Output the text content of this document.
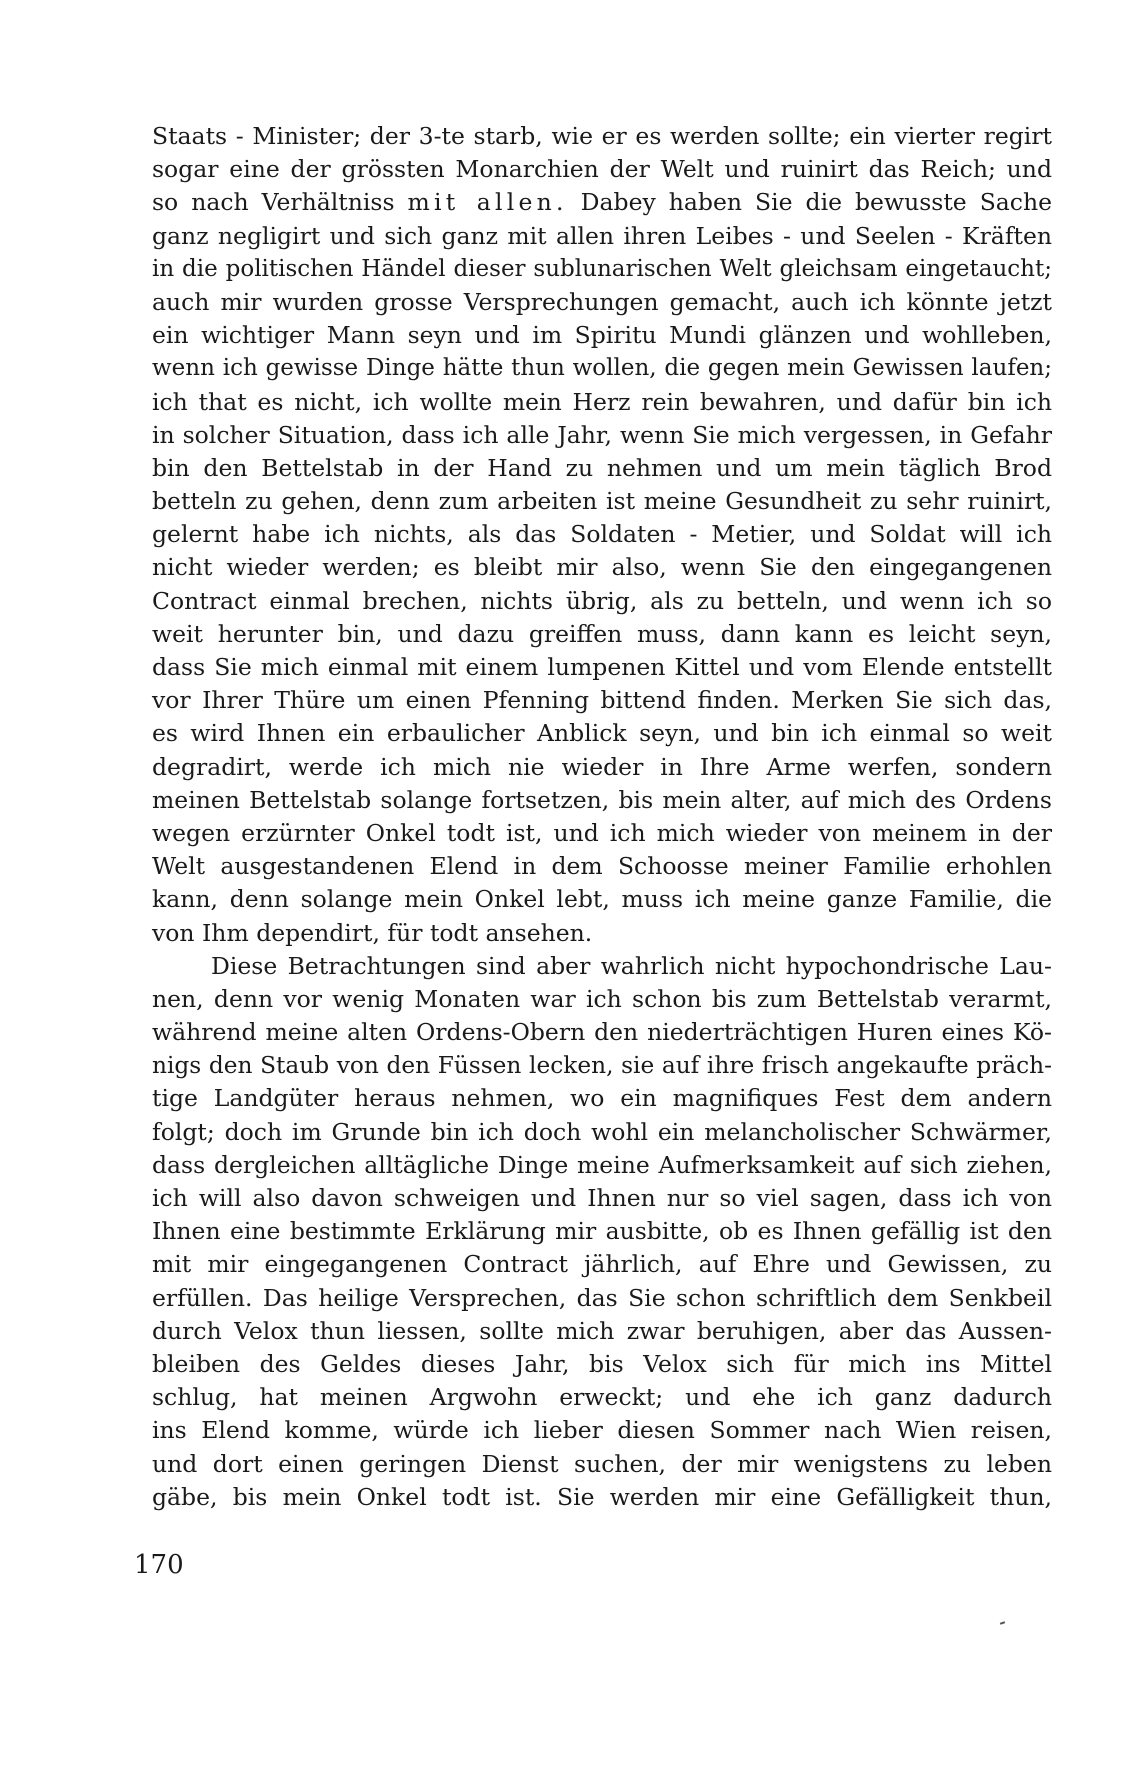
Staats - Minister; der 3-te starb, wie er es werden sollte; ein vierter regirt
sogar eine der grössten Monarchien der Welt und ruinirt das Reich; und
so nach Verhältniss mit allen. Dabey haben Sie die bewusste Sache
ganz negligirt und sich ganz mit allen ihren Leibes - und Seelen - Kräften
in die politischen Händel dieser sublunarischen Welt gleichsam eingetaucht;
auch mir wurden grosse Versprechungen gemacht, auch ich könnte jetzt
ein wichtiger Mann seyn und im Spiritu Mundi glänzen und wohlleben,
wenn ich gewisse Dinge hätte thun wollen, die gegen mein Gewissen laufen;
ich that es nicht, ich wollte mein Herz rein bewahren, und dafür bin ich
in solcher Situation, dass ich alle Jahr, wenn Sie mich vergessen, in Gefahr
bin den Bettelstab in der Hand zu nehmen und um mein täglich Brod
betteln zu gehen, denn zum arbeiten ist meine Gesundheit zu sehr ruinirt,
gelernt habe ich nichts, als das Soldaten - Metier, und Soldat will ich
nicht wieder werden; es bleibt mir also, wenn Sie den eingegangenen
Contract einmal brechen, nichts übrig, als zu betteln, und wenn ich so
weit herunter bin, und dazu greiffen muss, dann kann es leicht seyn,
dass Sie mich einmal mit einem lumpenen Kittel und vom Elende entstellt
vor Ihrer Thüre um einen Pfenning bittend finden. Merken Sie sich das,
es wird Ihnen ein erbaulicher Anblick seyn, und bin ich einmal so weit
degradirt, werde ich mich nie wieder in Ihre Arme werfen, sondern
meinen Bettelstab solange fortsetzen, bis mein alter, auf mich des Ordens
wegen erzürnter Onkel todt ist, und ich mich wieder von meinem in der
Welt ausgestandenen Elend in dem Schoosse meiner Familie erhohlen
kann, denn solange mein Onkel lebt, muss ich meine ganze Familie, die
von Ihm dependirt, für todt ansehen.
Diese Betrachtungen sind aber wahrlich nicht hypochondrische Lau-
nen, denn vor wenig Monaten war ich schon bis zum Bettelstab verarmt,
während meine alten Ordens-Obern den niederträchtigen Huren eines Kö-
nigs den Staub von den Füssen lecken, sie auf ihre frisch angekaufte präch-
tige Landgüter heraus nehmen, wo ein magnifiques Fest dem andern
folgt; doch im Grunde bin ich doch wohl ein melancholischer Schwärmer,
dass dergleichen alltägliche Dinge meine Aufmerksamkeit auf sich ziehen,
ich will also davon schweigen und Ihnen nur so viel sagen, dass ich von
Ihnen eine bestimmte Erklärung mir ausbitte, ob es Ihnen gefällig ist den
mit mir eingegangenen Contract jährlich, auf Ehre und Gewissen, zu
erfüllen. Das heilige Versprechen, das Sie schon schriftlich dem Senkbeil
durch Velox thun liessen, sollte mich zwar beruhigen, aber das Aussen-
bleiben des Geldes dieses Jahr, bis Velox sich für mich ins Mittel
schlug, hat meinen Argwohn erweckt; und ehe ich ganz dadurch
ins Elend komme, würde ich lieber diesen Sommer nach Wien reisen,
und dort einen geringen Dienst suchen, der mir wenigstens zu leben
gäbe, bis mein Onkel todt ist. Sie werden mir eine Gefälligkeit thun,
170
